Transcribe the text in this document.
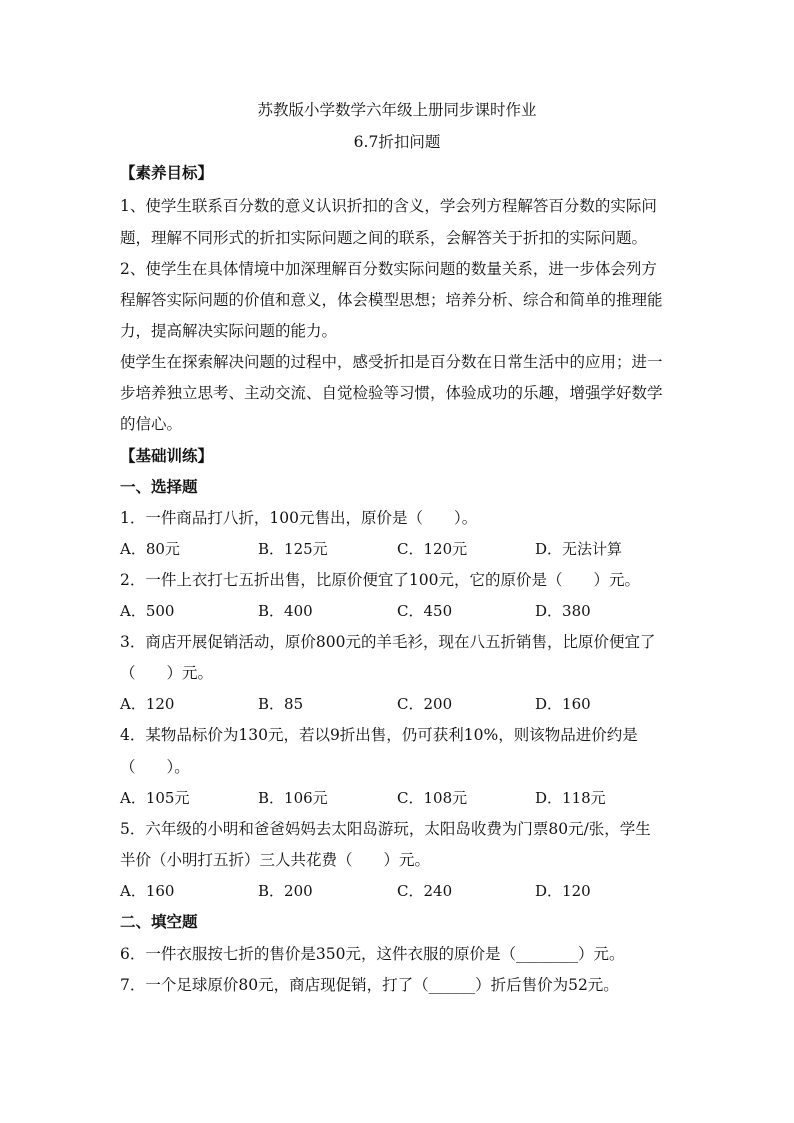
苏教版小学数学六年级上册同步课时作业
6.7折扣问题
【素养目标】
1、使学生联系百分数的意义认识折扣的含义，学会列方程解答百分数的实际问
题，理解不同形式的折扣实际问题之间的联系，会解答关于折扣的实际问题。
2、使学生在具体情境中加深理解百分数实际问题的数量关系，进一步体会列方
程解答实际问题的价值和意义，体会模型思想；培养分析、综合和简单的推理能
力，提高解决实际问题的能力。
使学生在探索解决问题的过程中，感受折扣是百分数在日常生活中的应用；进一
步培养独立思考、主动交流、自觉检验等习惯，体验成功的乐趣，增强学好数学
的信心。
【基础训练】
一、选择题
1．一件商品打八折，100元售出，原价是（　　）。
A．80元	B．125元	C．120元	D．无法计算
2．一件上衣打七五折出售，比原价便宜了100元，它的原价是（　　）元。
A．500	B．400	C．450	D．380
3．商店开展促销活动，原价800元的羊毛衫，现在八五折销售，比原价便宜了
（　　）元。
A．120	B．85	C．200	D．160
4．某物品标价为130元，若以9折出售，仍可获利10%，则该物品进价约是
（　　）。
A．105元	B．106元	C．108元	D．118元
5．六年级的小明和爸爸妈妈去太阳岛游玩，太阳岛收费为门票80元/张，学生
半价（小明打五折）三人共花费（　　）元。
A．160	B．200	C．240	D．120
二、填空题
6．一件衣服按七折的售价是350元，这件衣服的原价是（________）元。
7．一个足球原价80元，商店现促销，打了（______）折后售价为52元。
